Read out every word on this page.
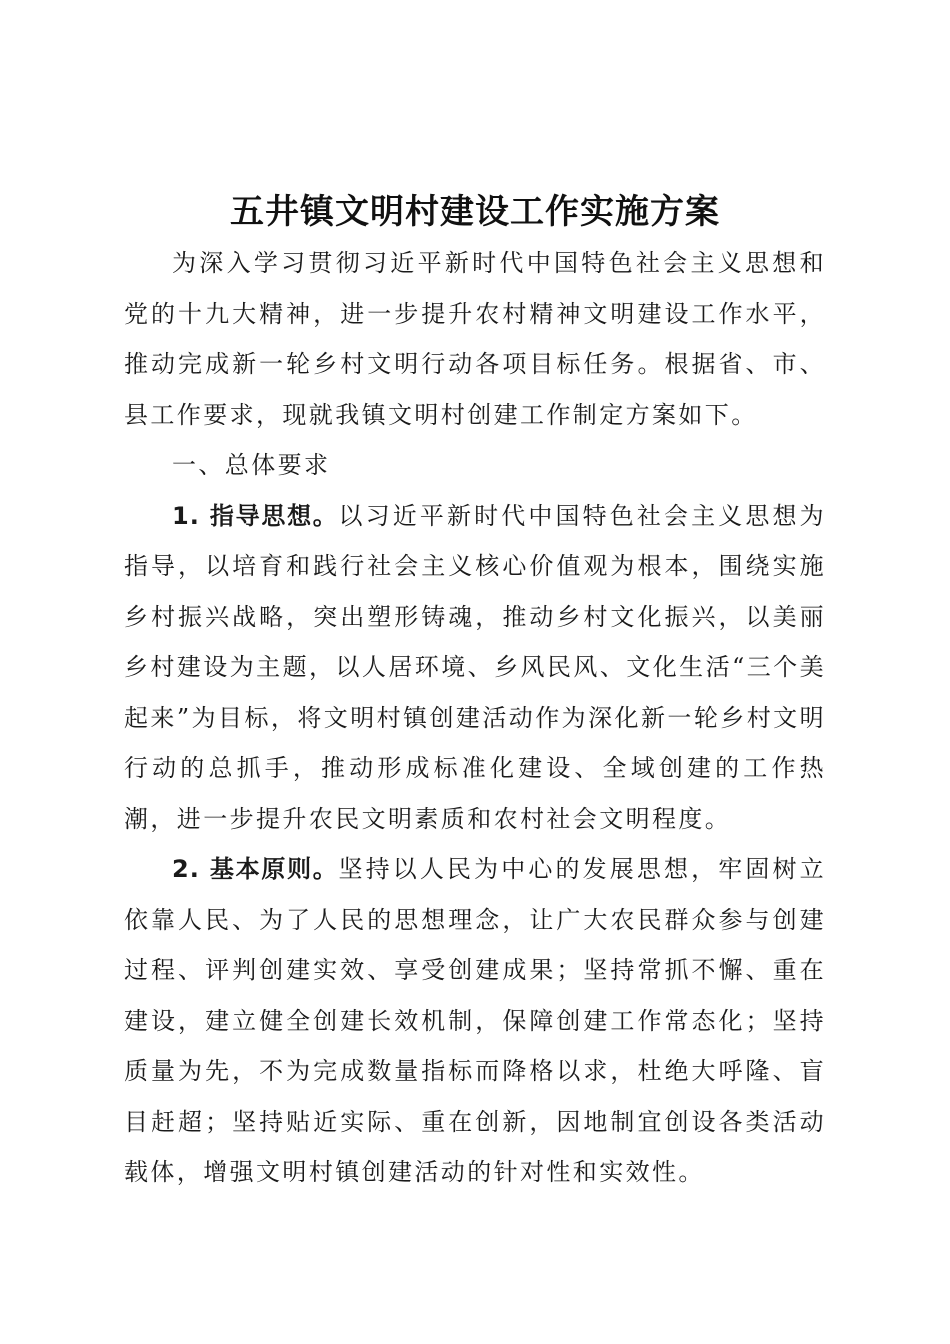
五井镇文明村建设工作实施方案

为深入学习贯彻习近平新时代中国特色社会主义思想和党的十九大精神，进一步提升农村精神文明建设工作水平，推动完成新一轮乡村文明行动各项目标任务。根据省、市、县工作要求，现就我镇文明村创建工作制定方案如下。

一、总体要求

1. 指导思想。以习近平新时代中国特色社会主义思想为指导，以培育和践行社会主义核心价值观为根本，围绕实施乡村振兴战略，突出塑形铸魂，推动乡村文化振兴，以美丽乡村建设为主题，以人居环境、乡风民风、文化生活“三个美起来”为目标，将文明村镇创建活动作为深化新一轮乡村文明行动的总抓手，推动形成标准化建设、全域创建的工作热潮，进一步提升农民文明素质和农村社会文明程度。

2. 基本原则。坚持以人民为中心的发展思想，牢固树立依靠人民、为了人民的思想理念，让广大农民群众参与创建过程、评判创建实效、享受创建成果；坚持常抓不懈、重在建设，建立健全创建长效机制，保障创建工作常态化；坚持质量为先，不为完成数量指标而降格以求，杜绝大呼隆、盲目赶超；坚持贴近实际、重在创新，因地制宜创设各类活动载体，增强文明村镇创建活动的针对性和实效性。
